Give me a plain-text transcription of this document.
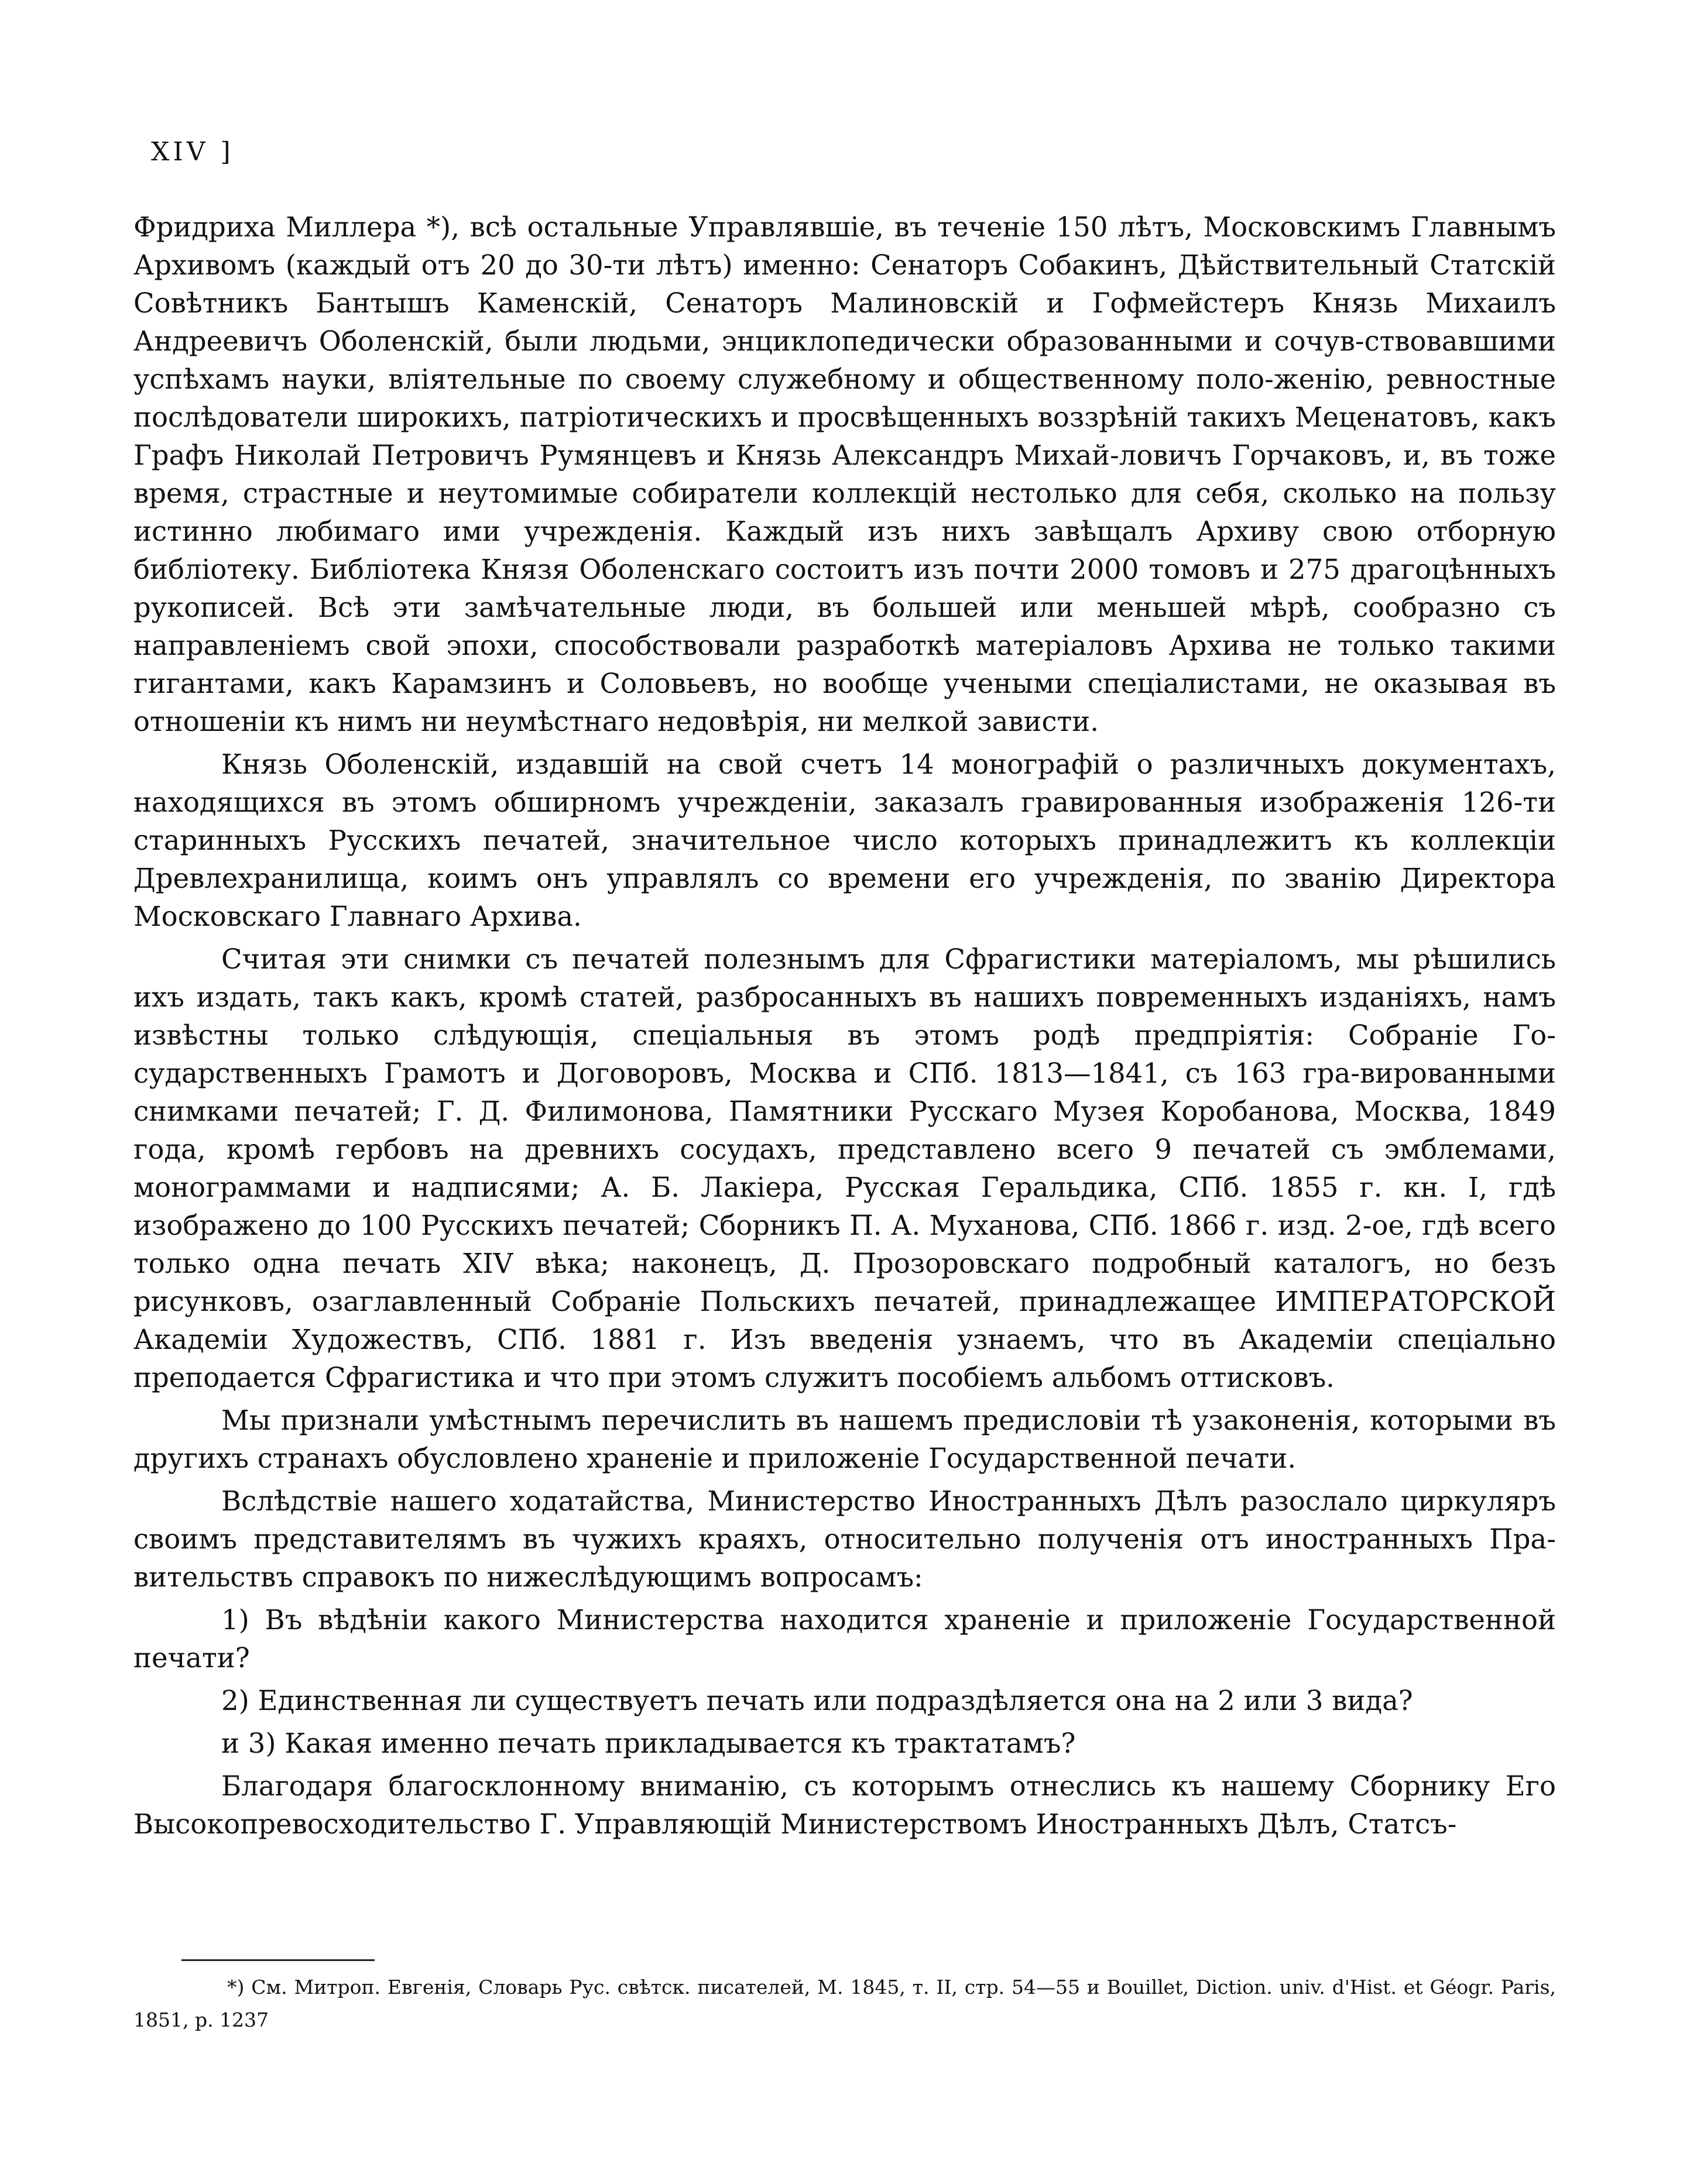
XIV ]

Фридриха Миллера *), всѣ остальные Управлявшіе, въ теченіе 150 лѣтъ, Московскимъ Главнымъ Архивомъ (каждый отъ 20 до 30-ти лѣтъ) именно: Сенаторъ Собакинъ, Дѣйствительный Статскій Совѣтникъ Бантышъ Каменскій, Сенаторъ Малиновскій и Гофмейстеръ Князь Михаилъ Андреевичъ Оболенскій, были людьми, энциклопедически образованными и сочув-ствовавшими успѣхамъ науки, вліятельные по своему служебному и общественному поло-женію, ревностные послѣдователи широкихъ, патріотическихъ и просвѣщенныхъ воззрѣній такихъ Меценатовъ, какъ Графъ Николай Петровичъ Румянцевъ и Князь Александръ Михай-ловичъ Горчаковъ, и, въ тоже время, страстные и неутомимые собиратели коллекцій нестолько для себя, сколько на пользу истинно любимаго ими учрежденія. Каждый изъ нихъ завѣщалъ Архиву свою отборную библіотеку. Библіотека Князя Оболенскаго состоитъ изъ почти 2000 томовъ и 275 драгоцѣнныхъ рукописей. Всѣ эти замѣчательные люди, въ большей или меньшей мѣрѣ, сообразно съ направленіемъ свой эпохи, способствовали разработкѣ матеріаловъ Архива не только такими гигантами, какъ Карамзинъ и Соловьевъ, но вообще учеными спеціалистами, не оказывая въ отношеніи къ нимъ ни неумѣстнаго недовѣрія, ни мелкой зависти.

Князь Оболенскій, издавшій на свой счетъ 14 монографій о различныхъ документахъ, находящихся въ этомъ обширномъ учрежденіи, заказалъ гравированныя изображенія 126-ти старинныхъ Русскихъ печатей, значительное число которыхъ принадлежитъ къ коллекціи Древлехранилища, коимъ онъ управлялъ со времени его учрежденія, по званію Директора Московскаго Главнаго Архива.

Считая эти снимки съ печатей полезнымъ для Сфрагистики матеріаломъ, мы рѣшились ихъ издать, такъ какъ, кромѣ статей, разбросанныхъ въ нашихъ повременныхъ изданіяхъ, намъ извѣстны только слѣдующія, спеціальныя въ этомъ родѣ предпріятія: Собраніе Го-сударственныхъ Грамотъ и Договоровъ, Москва и СПб. 1813—1841, съ 163 гра-вированными снимками печатей; Г. Д. Филимонова, Памятники Русскаго Музея Коробанова, Москва, 1849 года, кромѣ гербовъ на древнихъ сосудахъ, представлено всего 9 печатей съ эмблемами, монограммами и надписями; А. Б. Лакіера, Русская Геральдика, СПб. 1855 г. кн. I, гдѣ изображено до 100 Русскихъ печатей; Сборникъ П. А. Муханова, СПб. 1866 г. изд. 2-ое, гдѣ всего только одна печать XIV вѣка; наконецъ, Д. Прозоровскаго подробный каталогъ, но безъ рисунковъ, озаглавленный Собраніе Польскихъ печатей, принадлежащее ИМПЕРАТОРСКОЙ Академіи Художествъ, СПб. 1881 г. Изъ введенія узнаемъ, что въ Академіи спеціально преподается Сфрагистика и что при этомъ служитъ пособіемъ альбомъ оттисковъ.

Мы признали умѣстнымъ перечислить въ нашемъ предисловіи тѣ узаконенія, которыми въ другихъ странахъ обусловлено храненіе и приложеніе Государственной печати.

Вслѣдствіе нашего ходатайства, Министерство Иностранныхъ Дѣлъ разослало циркуляръ своимъ представителямъ въ чужихъ краяхъ, относительно полученія отъ иностранныхъ Пра-вительствъ справокъ по нижеслѣдующимъ вопросамъ:

1) Въ вѣдѣніи какого Министерства находится храненіе и приложеніе Государственной печати?

2) Единственная ли существуетъ печать или подраздѣляется она на 2 или 3 вида?

и 3) Какая именно печать прикладывается къ трактатамъ?

Благодаря благосклонному вниманію, съ которымъ отнеслись къ нашему Сборнику Его Высокопревосходительство Г. Управляющій Министерствомъ Иностранныхъ Дѣлъ, Статсъ-

*) См. Митроп. Евгенія, Словарь Рус. свѣтск. писателей, М. 1845, т. II, стр. 54—55 и Bouillet, Diction. univ. d'Hist. et Géogr. Paris, 1851, p. 1237
